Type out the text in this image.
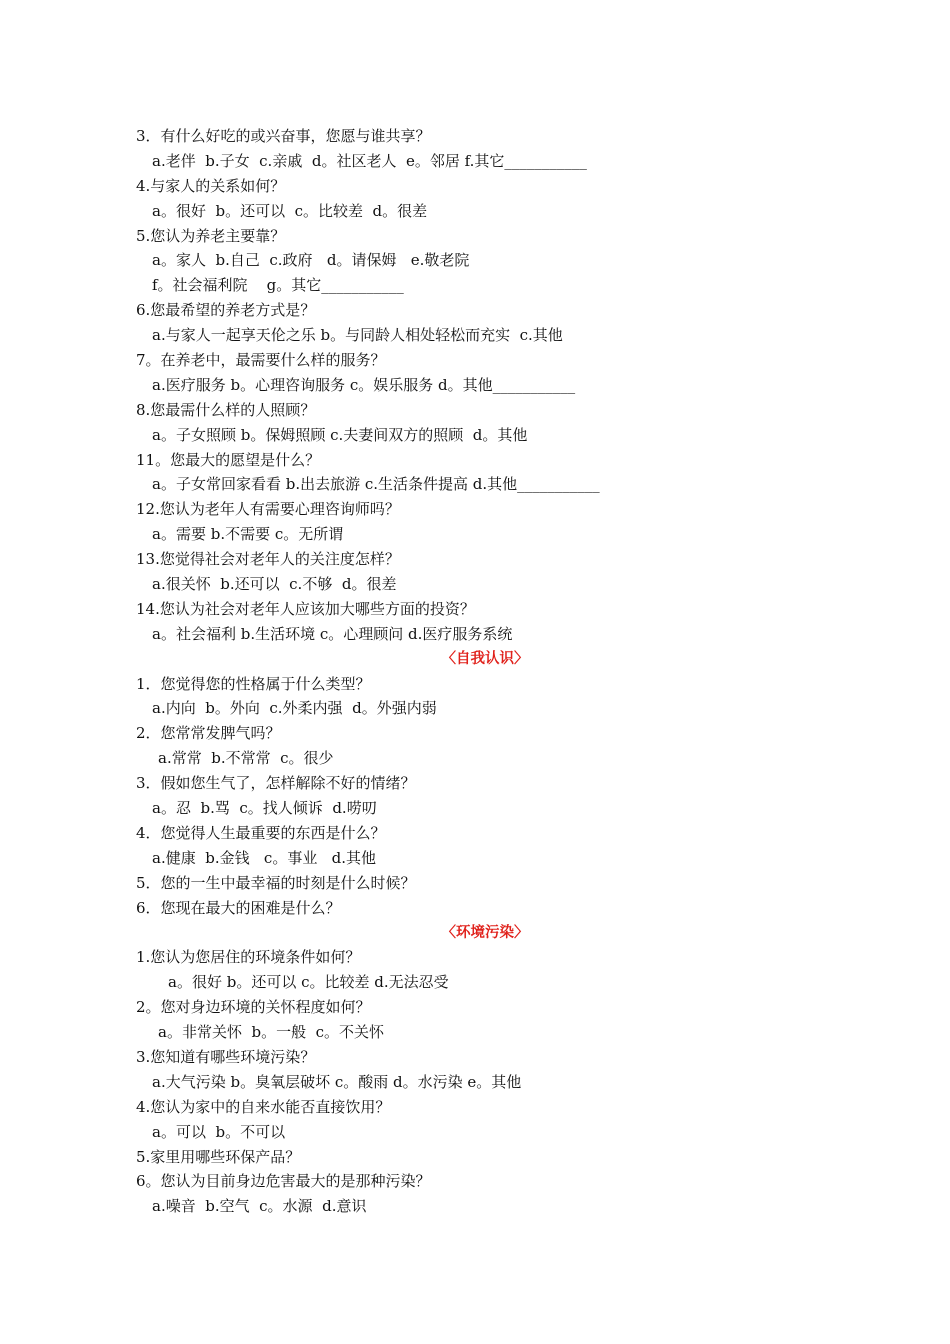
3．有什么好吃的或兴奋事，您愿与谁共享？
a.老伴  b.子女  c.亲戚  d。社区老人  e。邻居 f.其它___________
4.与家人的关系如何？
a。很好  b。还可以  c。比较差  d。很差
5.您认为养老主要靠？
a。家人  b.自己  c.政府   d。请保姆   e.敬老院
f。社会福利院    g。其它___________
6.您最希望的养老方式是？
a.与家人一起享天伦之乐 b。与同龄人相处轻松而充实  c.其他
7。在养老中，最需要什么样的服务？
a.医疗服务 b。心理咨询服务 c。娱乐服务 d。其他___________
8.您最需什么样的人照顾？
a。子女照顾 b。保姆照顾 c.夫妻间双方的照顾  d。其他
11。您最大的愿望是什么？
a。子女常回家看看 b.出去旅游 c.生活条件提高 d.其他___________
12.您认为老年人有需要心理咨询师吗？
a。需要 b.不需要 c。无所谓
13.您觉得社会对老年人的关注度怎样？
a.很关怀  b.还可以  c.不够  d。很差
14.您认为社会对老年人应该加大哪些方面的投资？
a。社会福利 b.生活环境 c。心理顾问 d.医疗服务系统
〈自我认识〉
1．您觉得您的性格属于什么类型？
a.内向  b。外向  c.外柔内强  d。外强内弱
2．您常常发脾气吗？
a.常常  b.不常常  c。很少
3．假如您生气了，怎样解除不好的情绪？
a。忍  b.骂  c。找人倾诉  d.唠叨
4．您觉得人生最重要的东西是什么？
a.健康  b.金钱   c。事业   d.其他
5．您的一生中最幸福的时刻是什么时候？
6．您现在最大的困难是什么？
〈环境污染〉
1.您认为您居住的环境条件如何？
a。很好 b。还可以 c。比较差 d.无法忍受
2。您对身边环境的关怀程度如何？
a。非常关怀  b。一般  c。不关怀
3.您知道有哪些环境污染？
a.大气污染 b。臭氧层破坏 c。酸雨 d。水污染 e。其他
4.您认为家中的自来水能否直接饮用？
a。可以  b。不可以
5.家里用哪些环保产品？
6。您认为目前身边危害最大的是那种污染？
a.噪音  b.空气  c。水源  d.意识
